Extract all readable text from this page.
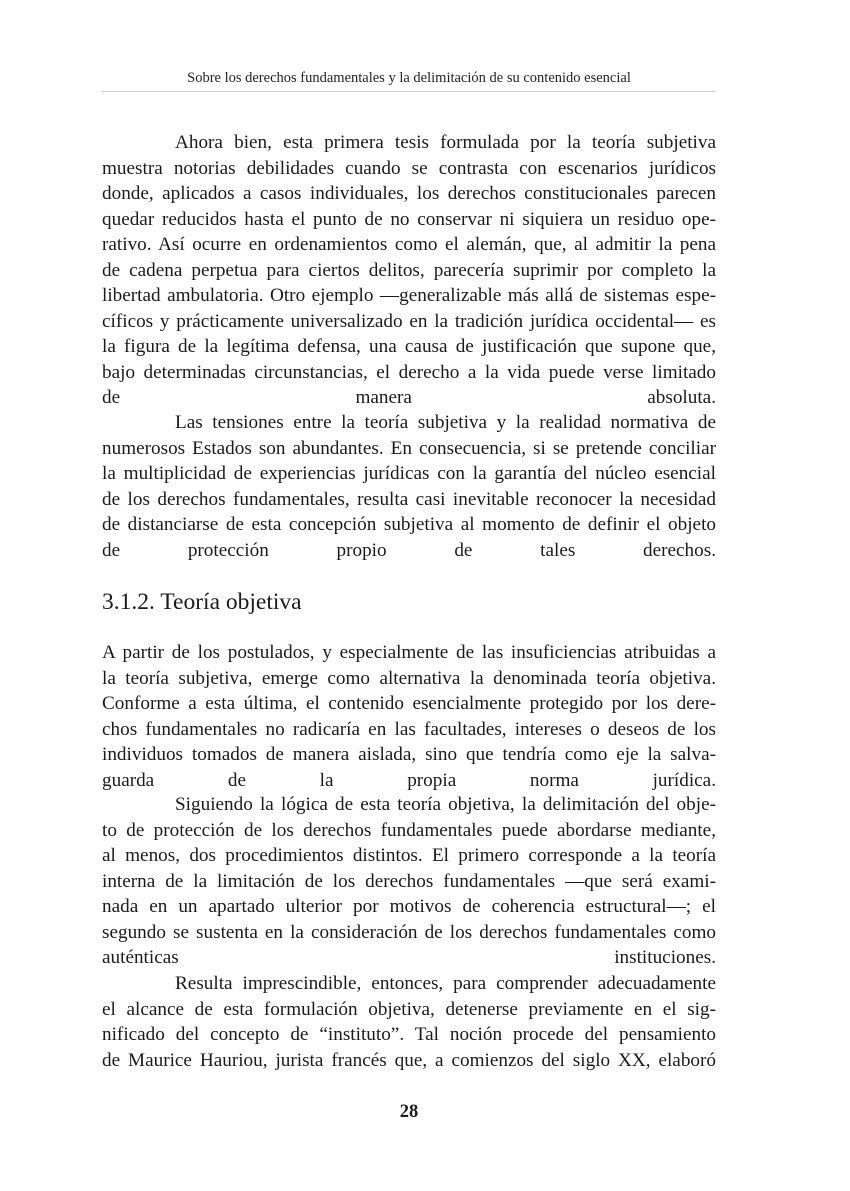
Sobre los derechos fundamentales y la delimitación de su contenido esencial

Ahora bien, esta primera tesis formulada por la teoría subjetiva
muestra notorias debilidades cuando se contrasta con escenarios jurídicos
donde, aplicados a casos individuales, los derechos constitucionales parecen
quedar reducidos hasta el punto de no conservar ni siquiera un residuo ope-
rativo. Así ocurre en ordenamientos como el alemán, que, al admitir la pena
de cadena perpetua para ciertos delitos, parecería suprimir por completo la
libertad ambulatoria. Otro ejemplo —generalizable más allá de sistemas espe-
cíficos y prácticamente universalizado en la tradición jurídica occidental— es
la figura de la legítima defensa, una causa de justificación que supone que,
bajo determinadas circunstancias, el derecho a la vida puede verse limitado
de manera absoluta.

Las tensiones entre la teoría subjetiva y la realidad normativa de
numerosos Estados son abundantes. En consecuencia, si se pretende conciliar
la multiplicidad de experiencias jurídicas con la garantía del núcleo esencial
de los derechos fundamentales, resulta casi inevitable reconocer la necesidad
de distanciarse de esta concepción subjetiva al momento de definir el objeto
de protección propio de tales derechos.

3.1.2. Teoría objetiva

A partir de los postulados, y especialmente de las insuficiencias atribuidas a
la teoría subjetiva, emerge como alternativa la denominada teoría objetiva.
Conforme a esta última, el contenido esencialmente protegido por los dere-
chos fundamentales no radicaría en las facultades, intereses o deseos de los
individuos tomados de manera aislada, sino que tendría como eje la salva-
guarda de la propia norma jurídica.

Siguiendo la lógica de esta teoría objetiva, la delimitación del obje-
to de protección de los derechos fundamentales puede abordarse mediante,
al menos, dos procedimientos distintos. El primero corresponde a la teoría
interna de la limitación de los derechos fundamentales —que será exami-
nada en un apartado ulterior por motivos de coherencia estructural—; el
segundo se sustenta en la consideración de los derechos fundamentales como
auténticas instituciones.

Resulta imprescindible, entonces, para comprender adecuadamente
el alcance de esta formulación objetiva, detenerse previamente en el sig-
nificado del concepto de “instituto”. Tal noción procede del pensamiento
de Maurice Hauriou, jurista francés que, a comienzos del siglo XX, elaboró

28
